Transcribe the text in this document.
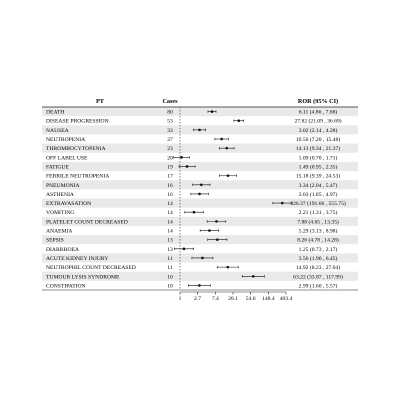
PT	Cases	ROR (95% CI)
DEATH	80	6.11 (4.86 , 7.68)
DISEASE PROGRESSION	53	27.82 (21.09 , 36.69)
NAUSEA	33	3.02 (2.14 , 4.28)
NEUTROPENIA	27	10.56 (7.20 , 15.48)
THROMBOCYTOPENIA	23	14.13 (9.34 , 21.37)
OFF LABEL USE	20	1.09 (0.70 , 1.71)
FATIGUE	19	1.49 (0.95 , 2.35)
FEBRILE NEUTROPENIA	17	15.18 (9.39 , 24.53)
PNEUMONIA	16	3.34 (2.04 , 5.47)
ASTHENIA	16	3.03 (1.85 , 4.97)
EXTRAVASATION	14	326.37 (191.66 , 555.75)
VOMITING	14	2.21 (1.31 , 3.75)
PLATELET COUNT DECREASED	14	7.88 (4.65 , 13.35)
ANAEMIA	14	5.29 (3.13 , 8.98)
SEPSIS	13	8.26 (4.78 , 14.28)
DIARRHOEA	13	1.25 (0.73 , 2.17)
ACUTE KIDNEY INJURY	11	3.56 (1.96 , 6.45)
NEUTROPHIL COUNT DECREASED	11	14.92 (8.23 , 27.04)
TUMOUR LYSIS SYNDROME	10	63.22 (33.87 , 117.99)
CONSTIPATION	10	2.99 (1.60 , 5.57)
1 2.7 7.4 20.1 54.6 148.4 403.4
